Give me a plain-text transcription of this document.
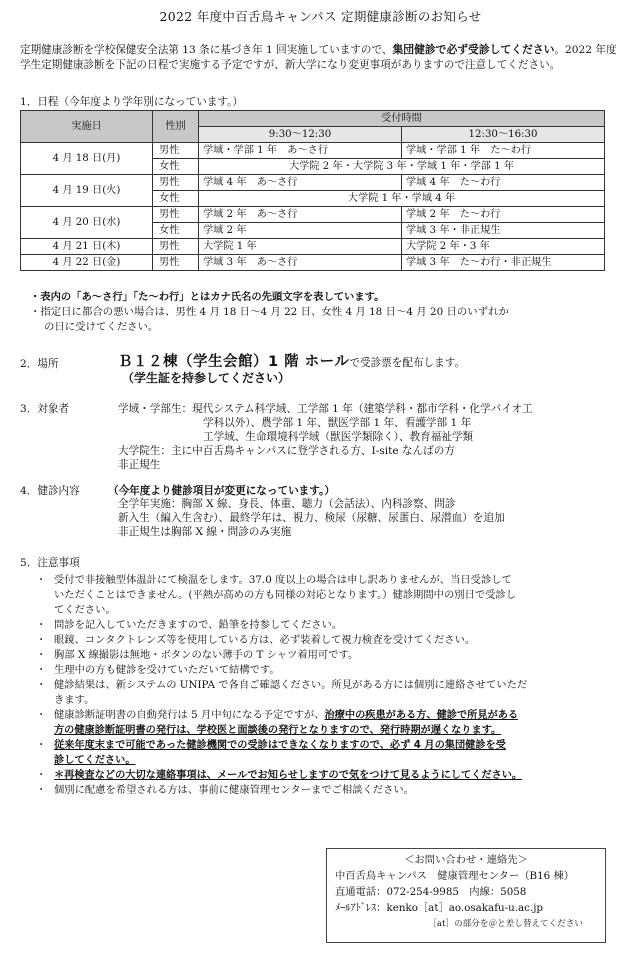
2022 年度中百舌鳥キャンパス 定期健康診断のお知らせ
定期健康診断を学校保健安全法第 13 条に基づき年 1 回実施していますので、集団健診で必ず受診してください。2022 年度学生定期健康診断を下記の日程で実施する予定ですが、新大学になり変更事項がありますので注意してください。
1．日程（今年度より学年別になっています。）
実施日	性別	受付時間	
		9:30～12:30	12:30～16:30
4 月 18 日(月)	男性	学域・学部 1 年　あ～さ行	学域・学部 1 年　た～わ行
	女性	大学院 2 年・大学院 3 年・学域 1 年・学部 1 年	
4 月 19 日(火)	男性	学域 4 年　あ～さ行	学域 4 年　た～わ行
	女性	大学院 1 年・学域 4 年	
4 月 20 日(水)	男性	学域 2 年　あ～さ行	学域 2 年　た～わ行
	女性	学域 2 年	学域 3 年・非正規生
4 月 21 日(木)	男性	大学院 1 年	大学院 2 年・3 年
4 月 22 日(金)	男性	学域 3 年　あ～さ行	学域 3 年　た～わ行・非正規生
・表内の「あ～さ行」「た～わ行」とはカナ氏名の先頭文字を表しています。
・指定日に都合の悪い場合は、男性 4 月 18 日～4 月 22 日、女性 4 月 18 日～4 月 20 日のいずれか
の日に受けてください。
2．場所	Ｂ１２棟（学生会館）1 階 ホールで受診票を配布します。
（学生証を持参してください）
3．対象者	学域・学部生：現代システム科学域、工学部 1 年（建築学科・都市学科・化学バイオ工
学科以外）、農学部 1 年、獣医学部 1 年、看護学部 1 年
工学域、生命環境科学域（獣医学類除く）、教育福祉学類
大学院生：主に中百舌鳥キャンパスに登学される方、I-site なんばの方
非正規生
4．健診内容	（今年度より健診項目が変更になっています。）
全学年実施：胸部 X 線、身長、体重、聴力（会話法）、内科診察、問診
新入生（編入生含む）、最終学年は、視力、検尿（尿糖、尿蛋白、尿潜血）を追加
非正規生は胸部 X 線・問診のみ実施
5．注意事項
・ 受付で非接触型体温計にて検温をします。37.0 度以上の場合は申し訳ありませんが、当日受診して
いただくことはできません。(平熱が高めの方も同様の対応となります。）健診期間中の別日で受診し
てください。
・ 問診を記入していただきますので、鉛筆を持参してください。
・ 眼鏡、コンタクトレンズ等を使用している方は、必ず装着して視力検査を受けてください。
・ 胸部 X 線撮影は無地・ボタンのない薄手の T シャツ着用可です。
・ 生理中の方も健診を受けていただいて結構です。
・ 健診結果は、新システムの UNIPA で各自ご確認ください。所見がある方には個別に連絡させていただ
きます。
・ 健康診断証明書の自動発行は 5 月中旬になる予定ですが、治療中の疾患がある方、健診で所見がある
方の健康診断証明書の発行は、学校医と面談後の発行となりますので、発行時期が遅くなります。
・ 従来年度末まで可能であった健診機関での受診はできなくなりますので、必ず 4 月の集団健診を受
診してください。
・ ＊再検査などの大切な連絡事項は、メールでお知らせしますので気をつけて見るようにしてください。
・ 個別に配慮を希望される方は、事前に健康管理センターまでご相談ください。
＜お問い合わせ・連絡先＞
中百舌鳥キャンパス　健康管理センター（B16 棟）
直通電話：072-254-9985　内線：5058
ﾒｰﾙｱﾄﾞﾚｽ：kenko［at］ao.osakafu-u.ac.jp
［at］の部分を＠と差し替えてください
